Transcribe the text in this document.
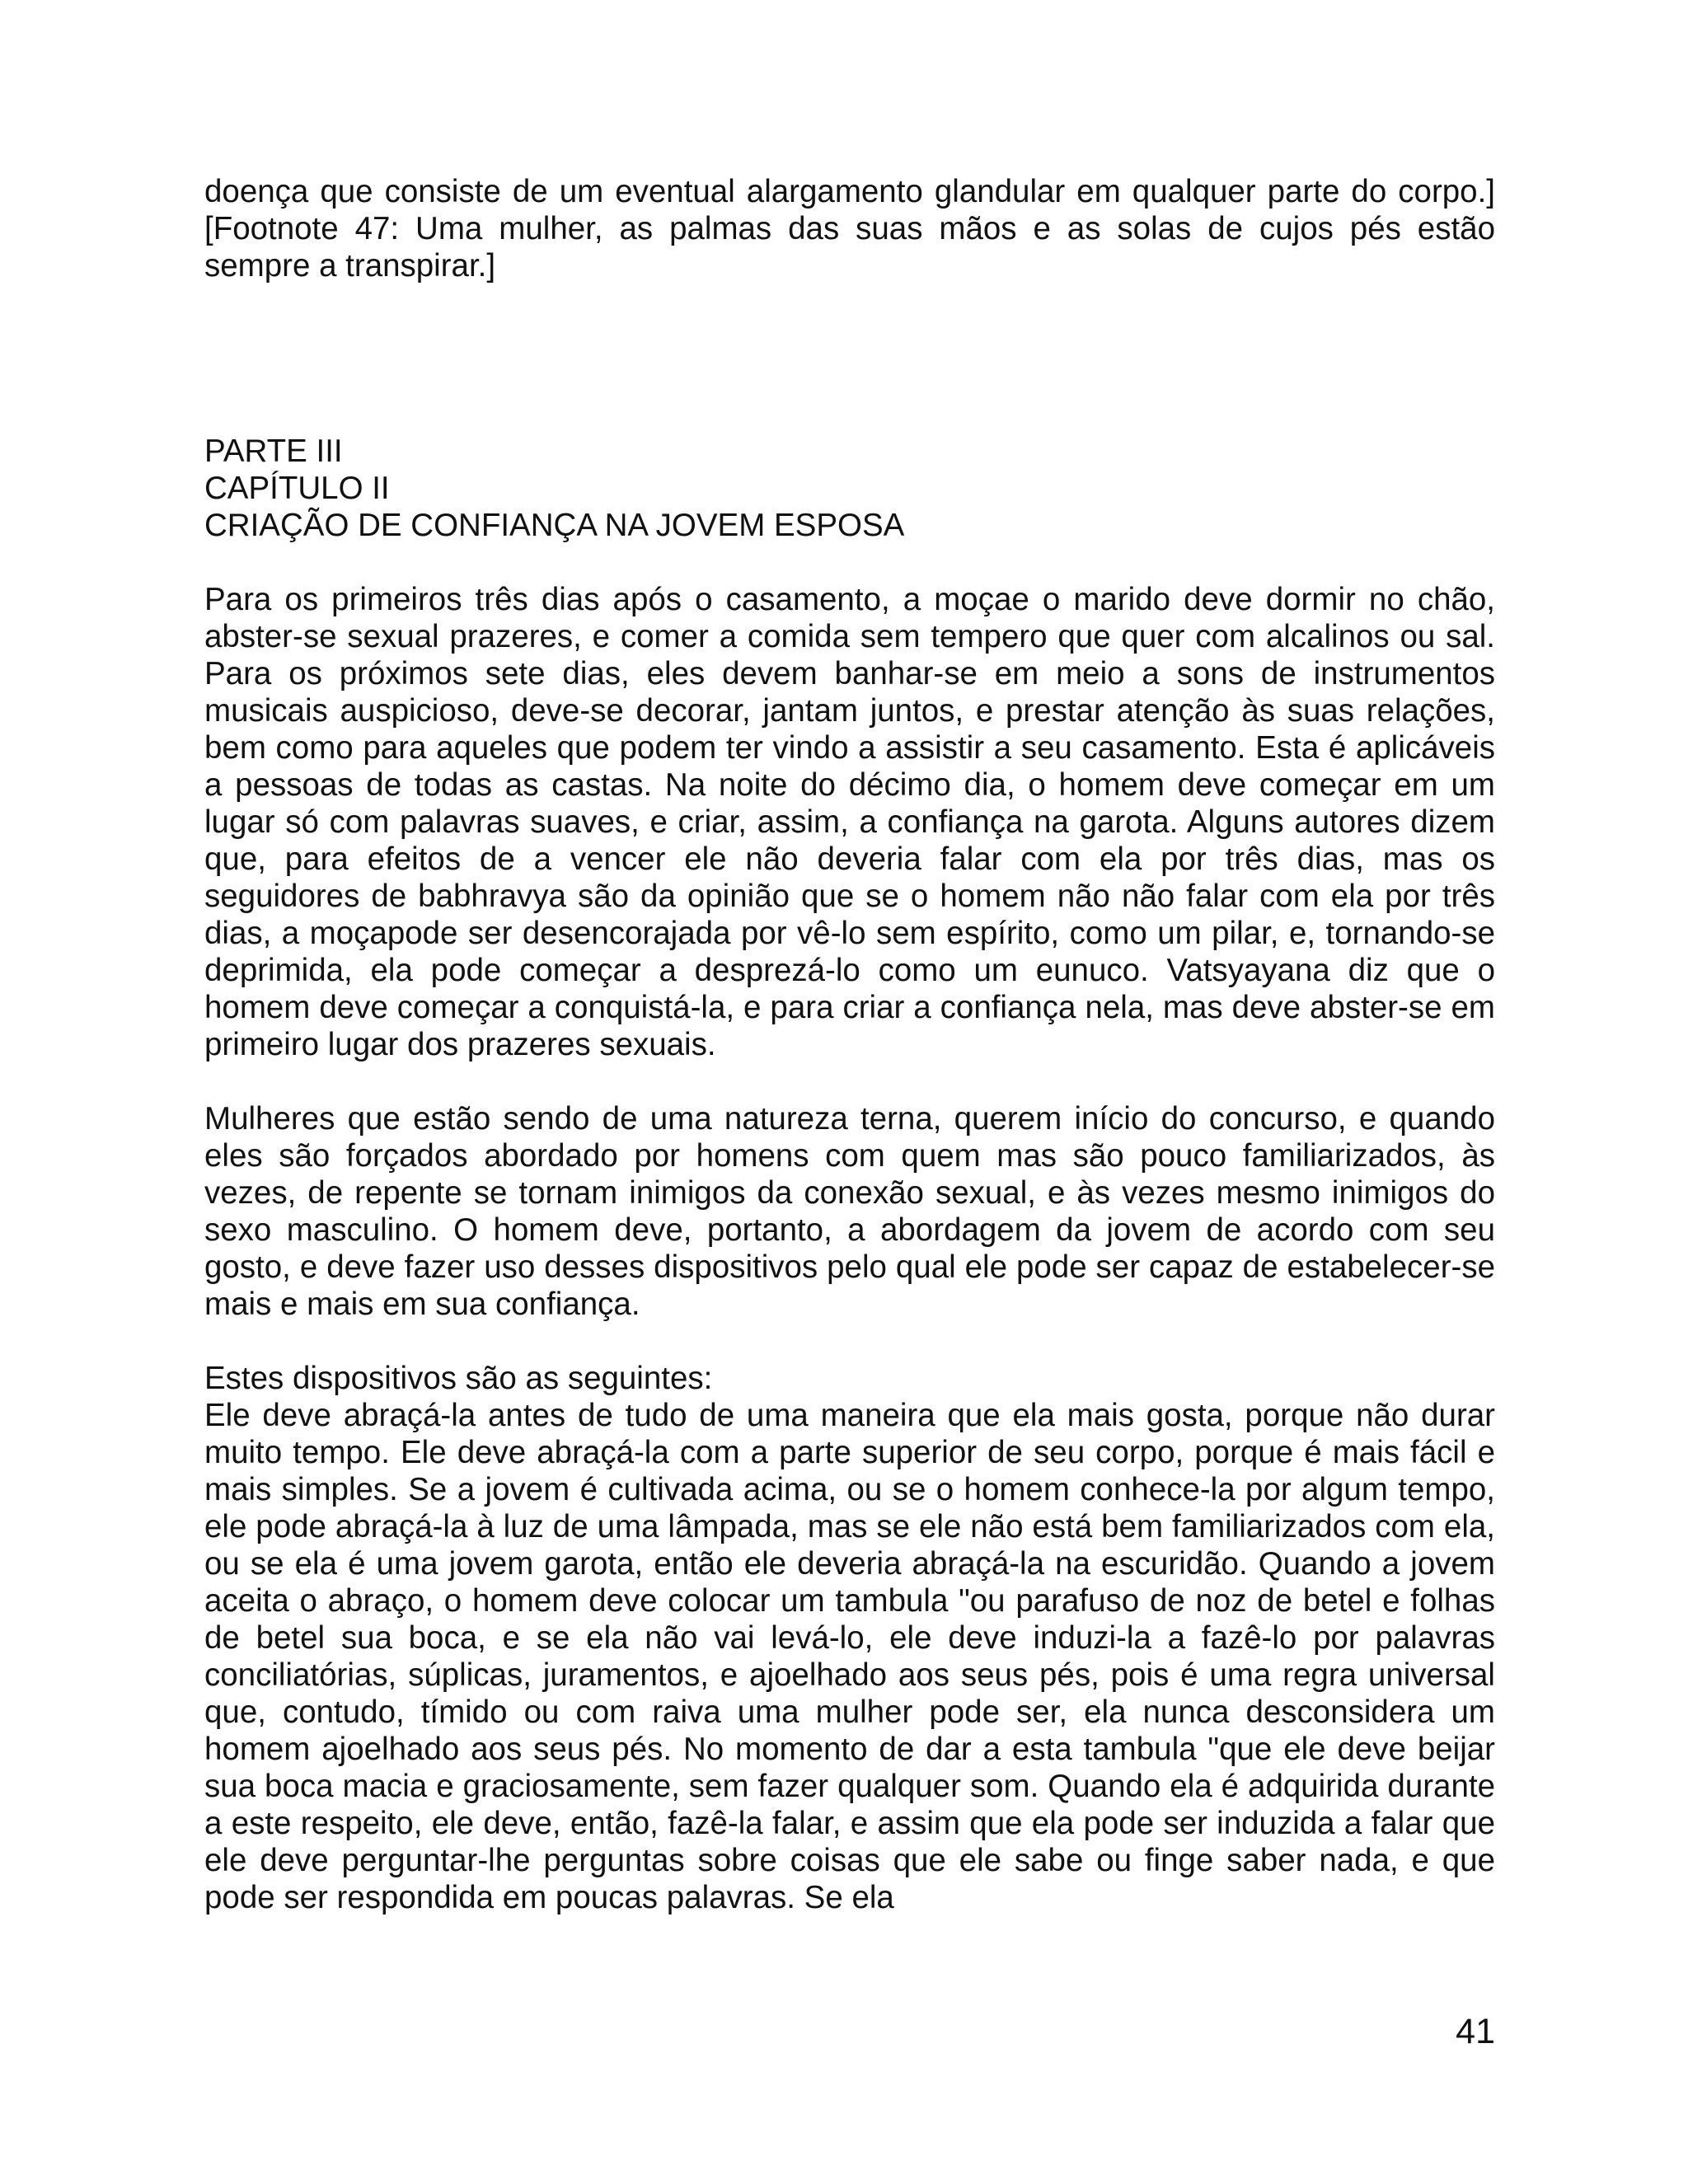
doença que consiste de um eventual alargamento glandular em qualquer parte do corpo.] [Footnote 47: Uma mulher, as palmas das suas mãos e as solas de cujos pés estão sempre a transpirar.]

PARTE III
CAPÍTULO II
CRIAÇÃO DE CONFIANÇA NA JOVEM ESPOSA

Para os primeiros três dias após o casamento, a moçae o marido deve dormir no chão, abster-se sexual prazeres, e comer a comida sem tempero que quer com alcalinos ou sal. Para os próximos sete dias, eles devem banhar-se em meio a sons de instrumentos musicais auspicioso, deve-se decorar, jantam juntos, e prestar atenção às suas relações, bem como para aqueles que podem ter vindo a assistir a seu casamento. Esta é aplicáveis a pessoas de todas as castas. Na noite do décimo dia, o homem deve começar em um lugar só com palavras suaves, e criar, assim, a confiança na garota. Alguns autores dizem que, para efeitos de a vencer ele não deveria falar com ela por três dias, mas os seguidores de babhravya são da opinião que se o homem não não falar com ela por três dias, a moçapode ser desencorajada por vê-lo sem espírito, como um pilar, e, tornando-se deprimida, ela pode começar a desprezá-lo como um eunuco. Vatsyayana diz que o homem deve começar a conquistá-la, e para criar a confiança nela, mas deve abster-se em primeiro lugar dos prazeres sexuais.

Mulheres que estão sendo de uma natureza terna, querem início do concurso, e quando eles são forçados abordado por homens com quem mas são pouco familiarizados, às vezes, de repente se tornam inimigos da conexão sexual, e às vezes mesmo inimigos do sexo masculino. O homem deve, portanto, a abordagem da jovem de acordo com seu gosto, e deve fazer uso desses dispositivos pelo qual ele pode ser capaz de estabelecer-se mais e mais em sua confiança.

Estes dispositivos são as seguintes:

Ele deve abraçá-la antes de tudo de uma maneira que ela mais gosta, porque não durar muito tempo. Ele deve abraçá-la com a parte superior de seu corpo, porque é mais fácil e mais simples. Se a jovem é cultivada acima, ou se o homem conhece-la por algum tempo, ele pode abraçá-la à luz de uma lâmpada, mas se ele não está bem familiarizados com ela, ou se ela é uma jovem garota, então ele deveria abraçá-la na escuridão. Quando a jovem aceita o abraço, o homem deve colocar um tambula "ou parafuso de noz de betel e folhas de betel sua boca, e se ela não vai levá-lo, ele deve induzi-la a fazê-lo por palavras conciliatórias, súplicas, juramentos, e ajoelhado aos seus pés, pois é uma regra universal que, contudo, tímido ou com raiva uma mulher pode ser, ela nunca desconsidera um homem ajoelhado aos seus pés. No momento de dar a esta tambula "que ele deve beijar sua boca macia e graciosamente, sem fazer qualquer som. Quando ela é adquirida durante a este respeito, ele deve, então, fazê-la falar, e assim que ela pode ser induzida a falar que ele deve perguntar-lhe perguntas sobre coisas que ele sabe ou finge saber nada, e que pode ser respondida em poucas palavras. Se ela

41
